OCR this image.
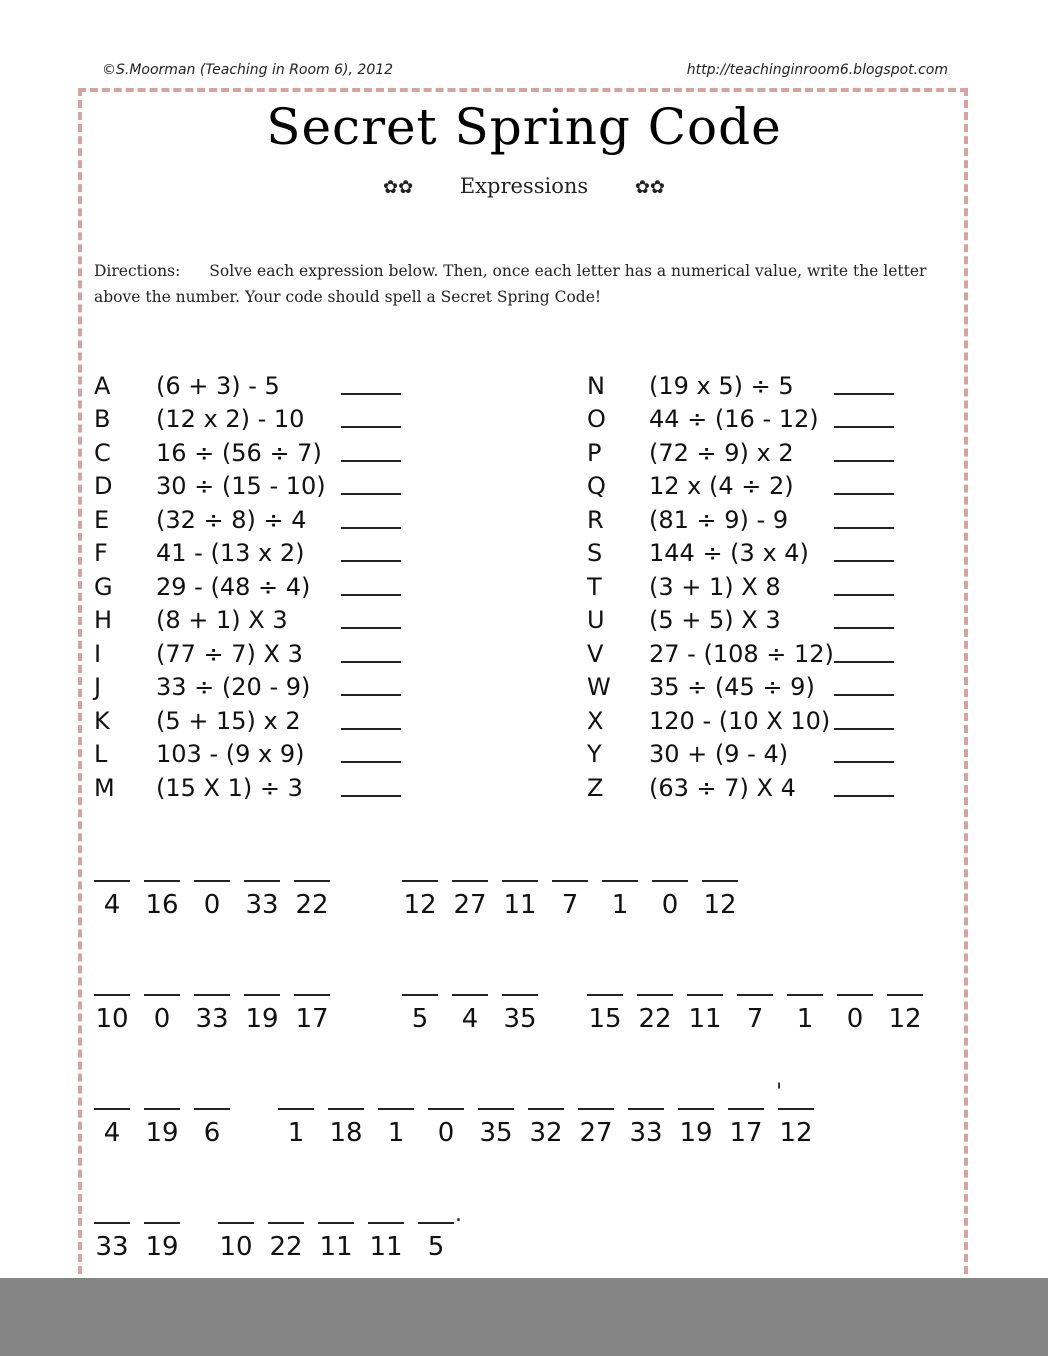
©S.Moorman (Teaching in Room 6), 2012	http://teachinginroom6.blogspot.com
Secret Spring Code
✿✿ Expressions	✿✿
Directions: Solve each expression below. Then, once each letter has a numerical value, write the letter above the number. Your code should spell a Secret Spring Code!
A	(6 + 3) - 5
B	(12 x 2) - 10
C	16 ÷ (56 ÷ 7)
D	30 ÷ (15 - 10)
E	(32 ÷ 8) ÷ 4
F	41 - (13 x 2)
G	29 - (48 ÷ 4)
H	(8 + 1) X 3
I	(77 ÷ 7) X 3
J	33 ÷ (20 - 9)
K	(5 + 15) x 2
L	103 - (9 x 9)
M	(15 X 1) ÷ 3
N	(19 x 5) ÷ 5
O	44 ÷ (16 - 12)
P	(72 ÷ 9) x 2
Q	12 x (4 ÷ 2)
R	(81 ÷ 9) - 9
S	144 ÷ (3 x 4)
T	(3 + 1) X 8
U	(5 + 5) X 3
V	27 - (108 ÷ 12)
W	35 ÷ (45 ÷ 9)
X	120 - (10 X 10)
Y	30 + (9 - 4)
Z	(63 ÷ 7) X 4
4 16 0 33 22	12 27 11 7	1	0 12
10 0 33 19 17	5	4 35 15 22 11 7	1	0 12
4 19 6	1 18 1	0 35 32 27 33 19 17 12
33 19 10 22 11 11 5
'
.
